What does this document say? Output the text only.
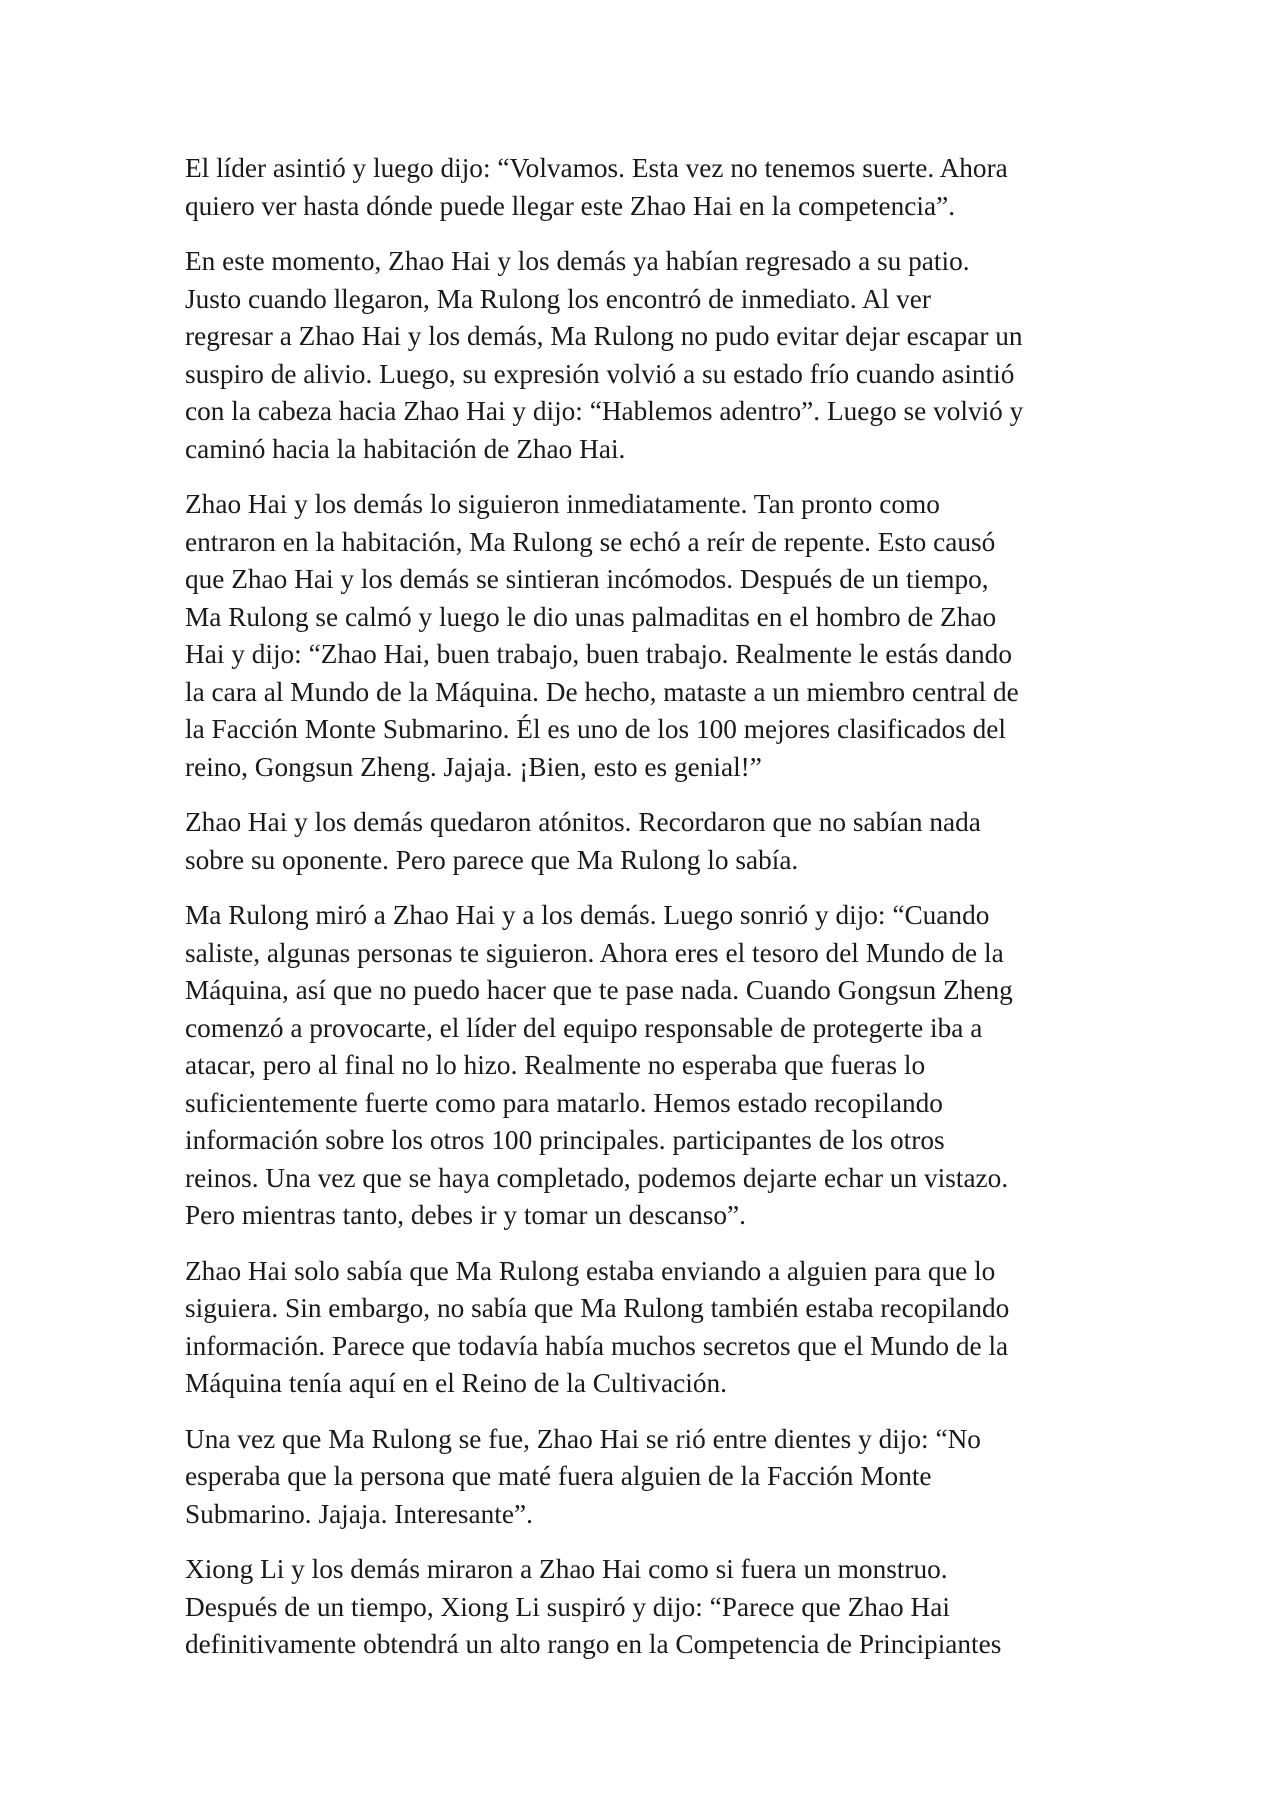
El líder asintió y luego dijo: “Volvamos. Esta vez no tenemos suerte. Ahora
quiero ver hasta dónde puede llegar este Zhao Hai en la competencia”.

En este momento, Zhao Hai y los demás ya habían regresado a su patio.
Justo cuando llegaron, Ma Rulong los encontró de inmediato. Al ver
regresar a Zhao Hai y los demás, Ma Rulong no pudo evitar dejar escapar un
suspiro de alivio. Luego, su expresión volvió a su estado frío cuando asintió
con la cabeza hacia Zhao Hai y dijo: “Hablemos adentro”. Luego se volvió y
caminó hacia la habitación de Zhao Hai.

Zhao Hai y los demás lo siguieron inmediatamente. Tan pronto como
entraron en la habitación, Ma Rulong se echó a reír de repente. Esto causó
que Zhao Hai y los demás se sintieran incómodos. Después de un tiempo,
Ma Rulong se calmó y luego le dio unas palmaditas en el hombro de Zhao
Hai y dijo: “Zhao Hai, buen trabajo, buen trabajo. Realmente le estás dando
la cara al Mundo de la Máquina. De hecho, mataste a un miembro central de
la Facción Monte Submarino. Él es uno de los 100 mejores clasificados del
reino, Gongsun Zheng. Jajaja. ¡Bien, esto es genial!”

Zhao Hai y los demás quedaron atónitos. Recordaron que no sabían nada
sobre su oponente. Pero parece que Ma Rulong lo sabía.

Ma Rulong miró a Zhao Hai y a los demás. Luego sonrió y dijo: “Cuando
saliste, algunas personas te siguieron. Ahora eres el tesoro del Mundo de la
Máquina, así que no puedo hacer que te pase nada. Cuando Gongsun Zheng
comenzó a provocarte, el líder del equipo responsable de protegerte iba a
atacar, pero al final no lo hizo. Realmente no esperaba que fueras lo
suficientemente fuerte como para matarlo. Hemos estado recopilando
información sobre los otros 100 principales. participantes de los otros
reinos. Una vez que se haya completado, podemos dejarte echar un vistazo.
Pero mientras tanto, debes ir y tomar un descanso”.

Zhao Hai solo sabía que Ma Rulong estaba enviando a alguien para que lo
siguiera. Sin embargo, no sabía que Ma Rulong también estaba recopilando
información. Parece que todavía había muchos secretos que el Mundo de la
Máquina tenía aquí en el Reino de la Cultivación.

Una vez que Ma Rulong se fue, Zhao Hai se rió entre dientes y dijo: “No
esperaba que la persona que maté fuera alguien de la Facción Monte
Submarino. Jajaja. Interesante”.

Xiong Li y los demás miraron a Zhao Hai como si fuera un monstruo.
Después de un tiempo, Xiong Li suspiró y dijo: “Parece que Zhao Hai
definitivamente obtendrá un alto rango en la Competencia de Principiantes
